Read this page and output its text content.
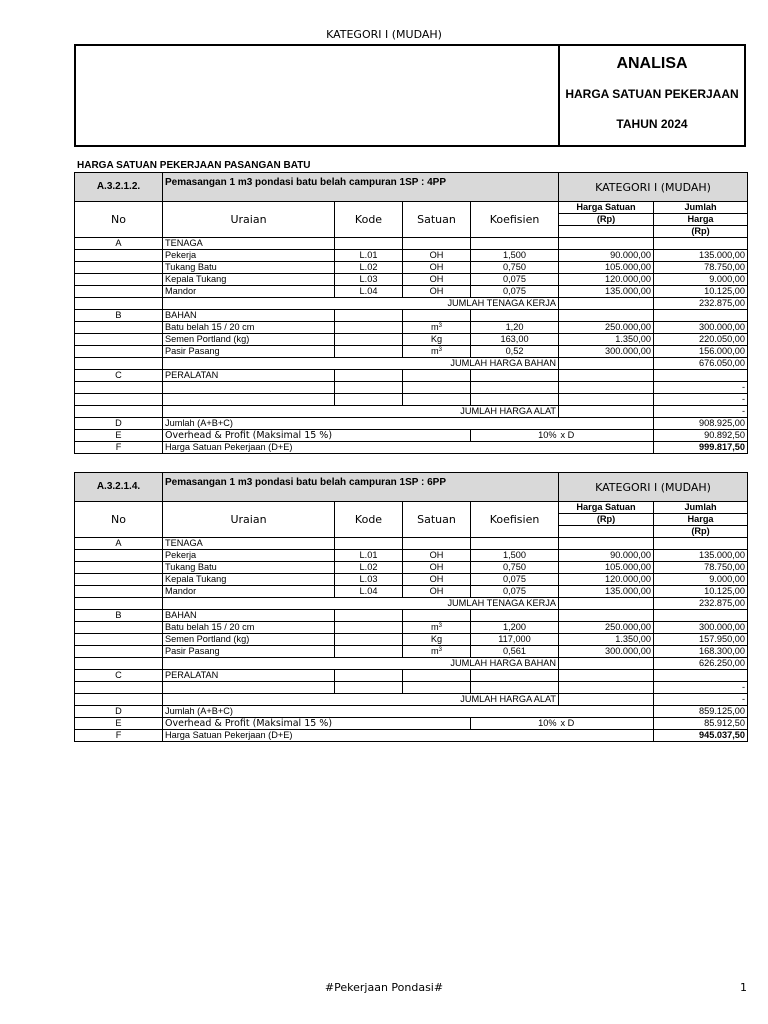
KATEGORI I (MUDAH)
ANALISA
HARGA SATUAN PEKERJAAN
TAHUN 2024
HARGA SATUAN PEKERJAAN PASANGAN BATU
A.3.2.1.2.	Pemasangan 1 m3 pondasi batu belah campuran 1SP : 4PP				KATEGORI I (MUDAH)	
No	Uraian	Kode	Satuan	Koefisien	Harga Satuan	Jumlah
					(Rp)	Harga
						(Rp)
A	TENAGA					
	Pekerja	L.01	OH	1,500	90.000,00	135.000,00
	Tukang Batu	L.02	OH	0,750	105.000,00	78.750,00
	Kepala Tukang	L.03	OH	0,075	120.000,00	9.000,00
	Mandor	L.04	OH	0,075	135.000,00	10.125,00
		JUMLAH TENAGA KERJA				232.875,00
B	BAHAN					
	Batu belah 15 / 20 cm		$m^3$	1,20	250.000,00	300.000,00
	Semen Portland (kg)		Kg	163,00	1.350,00	220.050,00
	Pasir Pasang		$m^3$	0,52	300.000,00	156.000,00
		JUMLAH HARGA BAHAN				676.050,00
C	PERALATAN					
						-
						-
		JUMLAH HARGA ALAT				-
D	Jumlah (A+B+C)					908.925,00
E	Overhead & Profit (Maksimal 15 %)			10%	x D	90.892,50
F	Harga Satuan Pekerjaan (D+E)					999.817,50
A.3.2.1.4.	Pemasangan 1 m3 pondasi batu belah campuran 1SP : 6PP				KATEGORI I (MUDAH)	
No	Uraian	Kode	Satuan	Koefisien	Harga Satuan	Jumlah
					(Rp)	Harga
						(Rp)
A	TENAGA					
	Pekerja	L.01	OH	1,500	90.000,00	135.000,00
	Tukang Batu	L.02	OH	0,750	105.000,00	78.750,00
	Kepala Tukang	L.03	OH	0,075	120.000,00	9.000,00
	Mandor	L.04	OH	0,075	135.000,00	10.125,00
		JUMLAH TENAGA KERJA				232.875,00
B	BAHAN					
	Batu belah 15 / 20 cm		$m^3$	1,200	250.000,00	300.000,00
	Semen Portland (kg)		Kg	117,000	1.350,00	157.950,00
	Pasir Pasang		$m^3$	0,561	300.000,00	168.300,00
		JUMLAH HARGA BAHAN				626.250,00
C	PERALATAN					
						-
		JUMLAH HARGA ALAT				-
D	Jumlah (A+B+C)					859.125,00
E	Overhead & Profit (Maksimal 15 %)			10%	x D	85.912,50
F	Harga Satuan Pekerjaan (D+E)					945.037,50
#Pekerjaan Pondasi#	1
